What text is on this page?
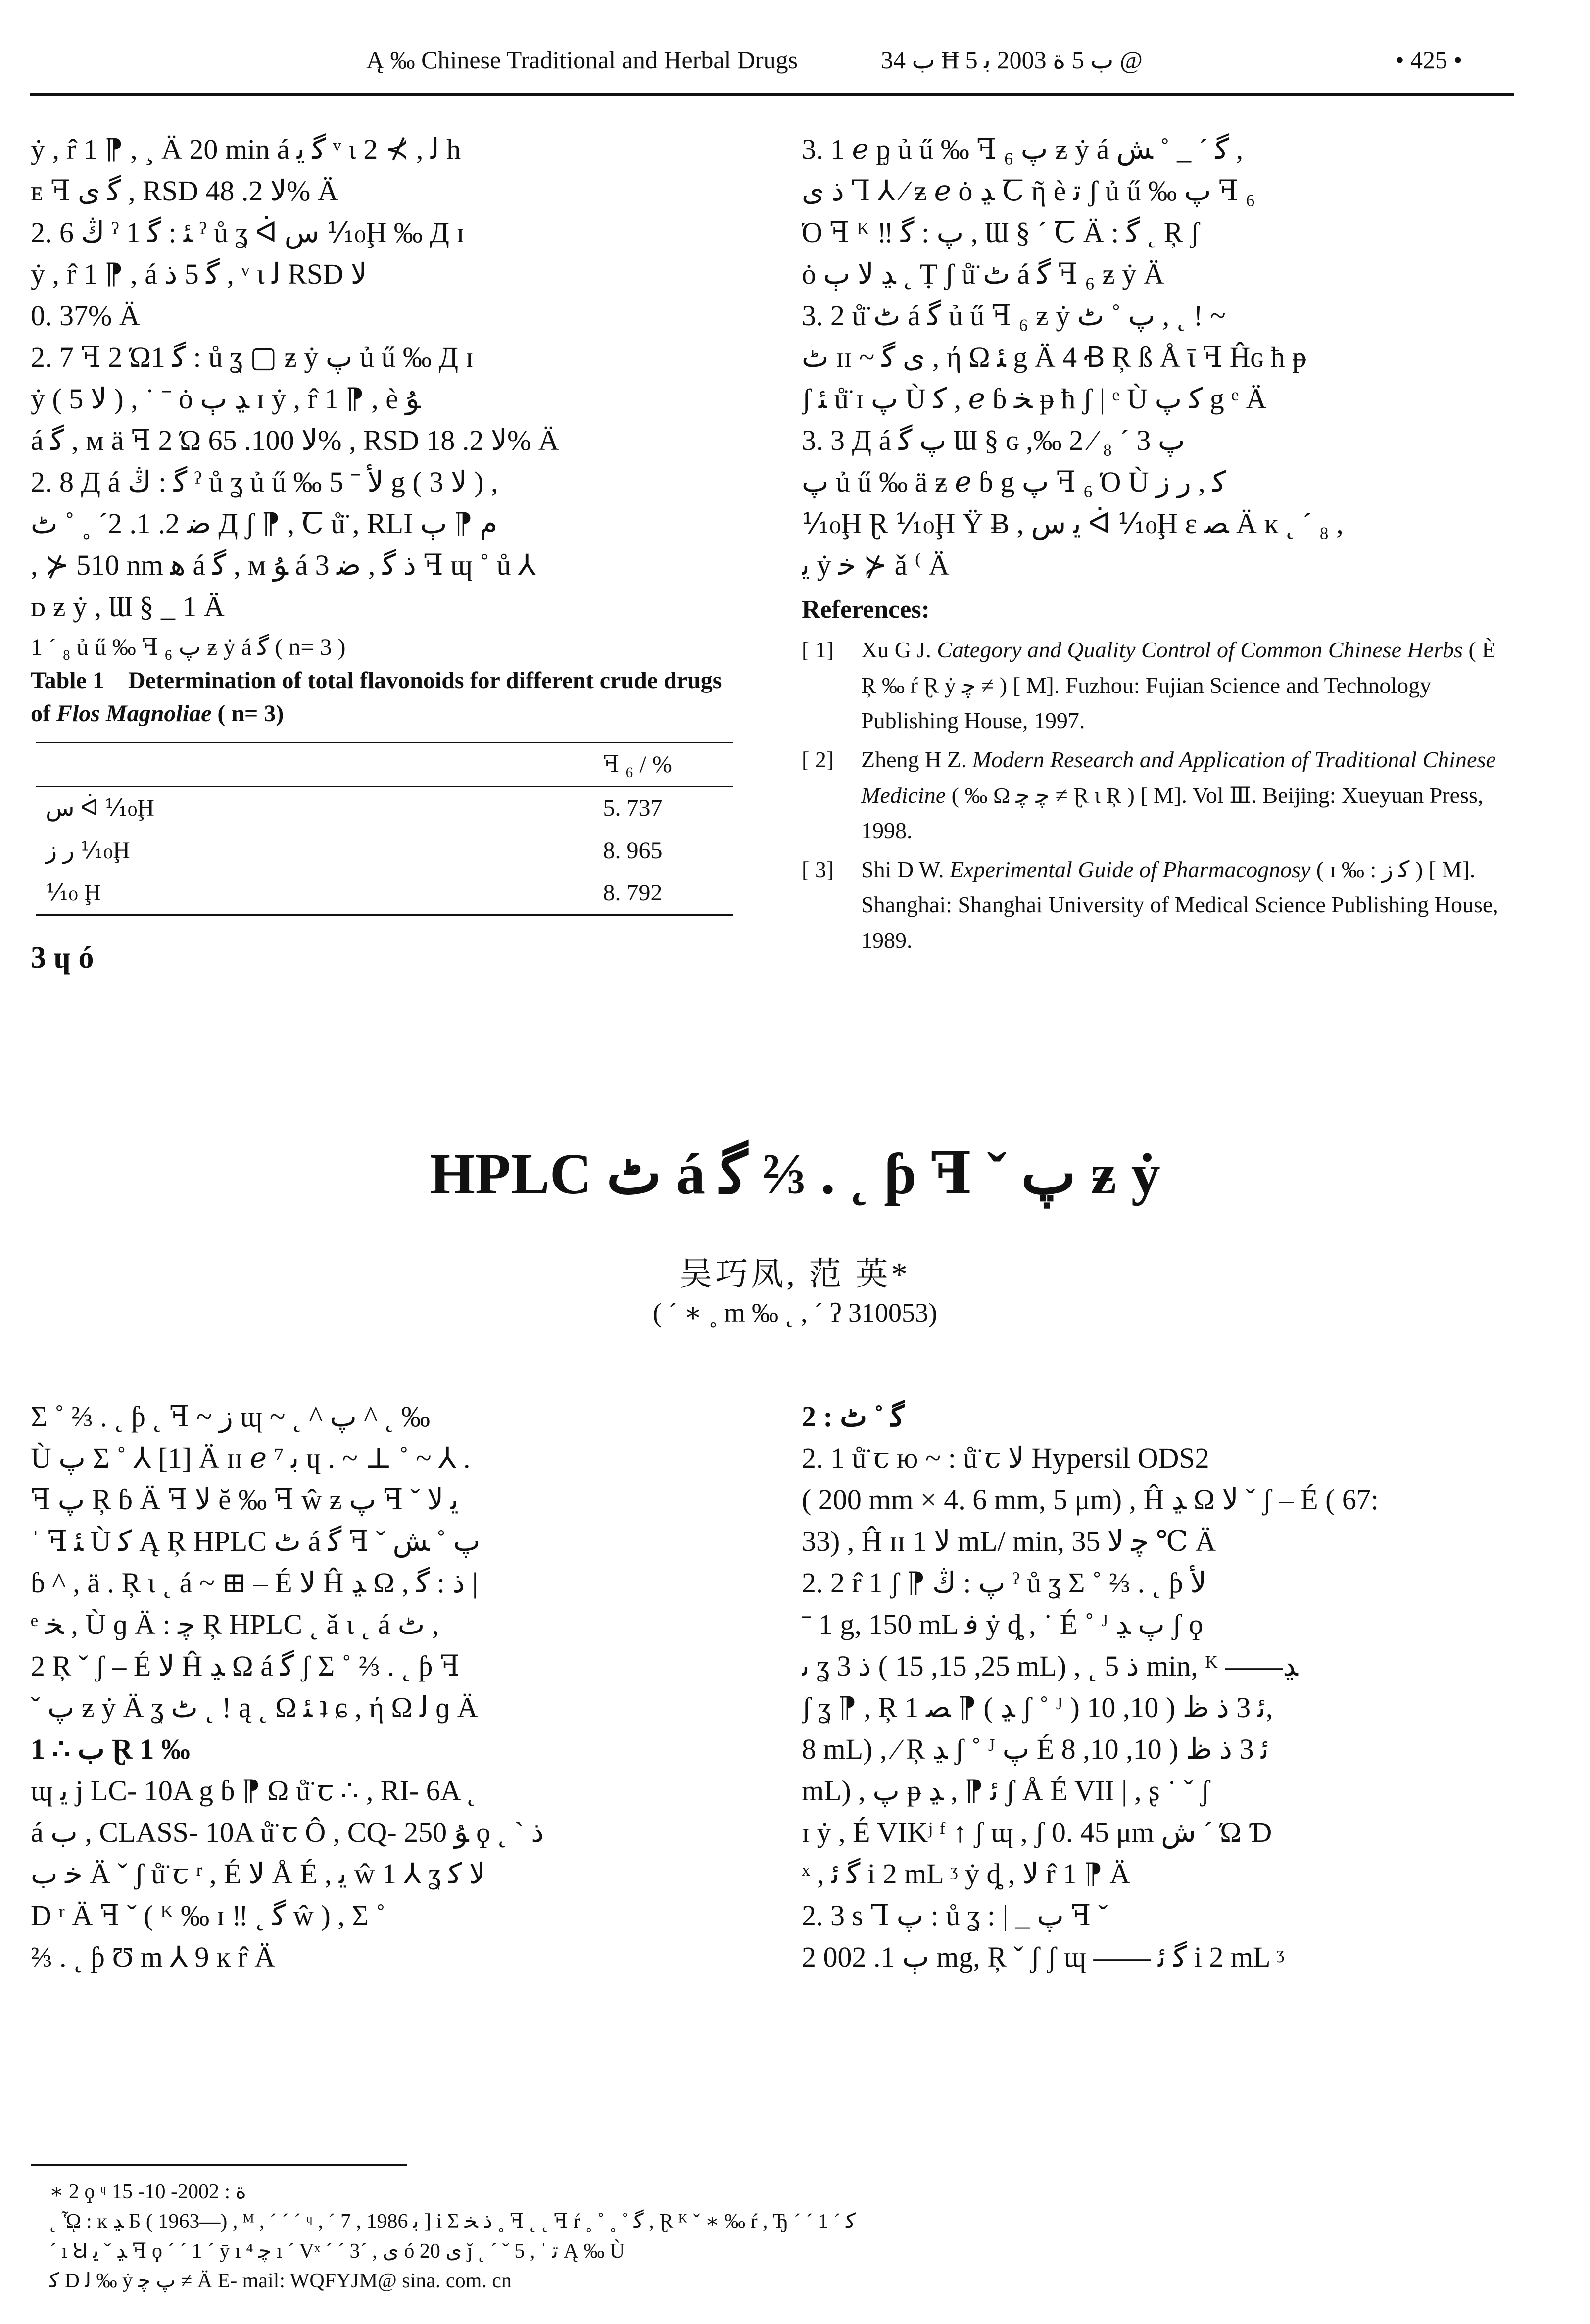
Ą ‰ Chinese Traditional and Herbal Drugs	ﺏ 34 Ħ ﺏ 5 ﺓ 2003 ﺑ 5 @	• 425 •
ẏ , r̂ 1 ⁋ , ¸ Ä 20 min á ﮔ ﻳ ᵛ ι ﻟ , ⊁ 2 h
ᴇ ꟻ ﮔ ﯼ , RSD ﻻ 2. 48% Ä
2. 6 ﯓ ˀ 1 ﺌ : ﮔ ˀ ů ʓ ᐋ ﺱ ⅒Ḩ ‰ Д ɪ
ẏ , r̂ 1 ⁋ , á ﮔ 5 ﺫ , ᵛ ι ﻟ RSD ﻻ
0. 37% Ä
2. 7 ꟻ 2 Ώ1 ﮔ : ů ʓ ▢ ƶ ẏ ﭖ ủ ű ‰ Д ɪ
ẏ ( 5 ﻻ ) , ˙ ˉ ȯ ﮃ ﭒ ɪ ẏ , r̂ 1 ⁋ , è ﯘ
á ﮔ , ᴍ ä ꟻ 2 Ώ ﻻ 100. 65% , RSD ﻻ 2. 18% Ä
2. 8 Д á ﮔ : ﯓ ˀ ů ʓ ủ ű ‰ ﻷ ˉ 5 g ( 3 ﻻ ) ,
ﺿ 2. 1. 2´ ˳ ˚ ﭦ Д ʃ ⁋ , Ꞇ ů̈ , RLI ﻡ ⁋ ﭒ
, ⊁ 510 nm ﻫ á ﮔ , ᴍ ﯘ á 3 ﺫ ﮔ , ﺿ ꟻ ɰ ˚ ů ⅄
ᴅ ƶ ẏ , Ɯ § _ 1 Ä
1 ´ ₈ ủ ű ‰ ꟻ ₆ ﭖ ƶ ẏ á ﮔ ( n= 3 )
Table 1 Determination of total flavonoids for different crude drugs of Flos Magnoliae ( n= 3)
	ꟻ ₆ / %
ﺱ ᐋ ⅒Ḩ	5. 737
ﺭ ﺯ ⅒Ḩ	8. 965
⅒ Ḩ	8. 792
3 ɥ ó
3. 1 ℯ ᶈ ủ ű ‰ ꟻ ₆ ﭖ ƶ ẏ á ﮔ ˊ _ ˚ ﺶ ,
ﺫ ﯼ Ꞁ ⅄ ⁄ ƶ ℯ ȯ ﮃ Ꞇ ῆ è ﺗ ʃ ủ ű ‰ ﭖ ꟻ ₆
Ό ꟻ ᴷ ‼ ﭖ : ﮔ , Ɯ § ´ Ꞇ Ä : ﮔ ˛ Ŗ ʃ
ȯ ﮃ ﻻ ﭒ ˛ Ṭ ʃ ů̈ ﭦ á ﮔ ꟻ ₆ ƶ ẏ Ä
3. 2 ů̈ ﭦ á ﮔ ủ ű ꟻ ₆ ƶ ẏ ﭖ ˚ ﭦ , ˛ ! ~
ﭦ ɪɪ ~ ﯼ ﮔ , ή Ω ﺌ g Ä 4 Ꞗ Ŗ ß Å ῑ ꟻ Ĥɢ ħ ᵽ
ʃ ﺌ ů̈ ɪ ﭖ Ù ﮐ , ℯ ɓ ﺨ ᵽ ħ ʃ | ᵉ Ù ﮐ ﭖ g ᵉ Ä
3. 3 Д á ﭖ ﮔ Ɯ § ɢ ,‰ 2 ⁄ ﭖ 3 ´ ₈
ﭖ ủ ű ‰ ä ƶ ℯ ɓ g ﭖ ꟻ ₆ Ό Ù ﮐ , ﺭ ﺯ
⅒Ḩ Ɽ ⅒Ḩ Ÿ Ƀ , ﻳ ﺱ ᐋ ⅒Ḩ ɛ ﺼ Ä ĸ ˛ ´ ₈ ,
ﻳ ẏ ﺧ ⊁ ǎ ⁽ Ä
References:
[ 1]	Xu G J. Category and Quality Control of Common Chinese Herbs ( È Ŗ ‰ ŕ Ɽ ẏ ﭼ ≠ ) [ M]. Fuzhou: Fujian Science and Technology Publishing House, 1997.
[ 2]	Zheng H Z. Modern Research and Application of Traditional Chinese Medicine ( ‰ Ω ﭼ ﭼ ≠ Ɽ ι Ŗ ) [ M]. Vol Ⅲ. Beijing: Xueyuan Press, 1998.
[ 3]	Shi D W. Experimental Guide of Pharmacognosy ( ɪ ‰ : ﮐ ﺯ ) [ M]. Shanghai: Shanghai University of Medical Science Publishing House, 1989.
HPLC ﭦ á ﮔ ⅔ . ˛ ƥ ꟻ ˇ ﭖ ƶ ẏ
吴巧凤, 范 英*
( ´ ∗ ˳ m ‰ ˛ , ´ ʔ 310053)
Σ ˚ ⅔ . ˛ ƥ ˛ ꟻ ~ ﺯ ɰ ~ ˛ ^ ﭖ ^ ˛ ‰
Ù ﭖ Σ ˚ ⅄ [1] Ä ɪɪ ℯ ⁷ ﺑ ɥ . ~ ⊥ ˚ ~ ⅄ .
ꟻ ﭖ Ŗ ɓ Ä ꟻ ﻻ ĕ ‰ ꟻ ŵ ƶ ﭖ ꟻ ˇ ﻳ ﻻ
ˈ ꟻ ﺌ Ù ﮐ Ą Ŗ HPLC ﭦ á ﮔ ꟻ ˇ ﭖ ˚ ﺶ
ɓ ^ , ä . Ŗ ι ˛ á ~ ⊞ – É ﻻ Ĥ ﮃ Ω , ﺫ : ﮔ |
ᵉ ﺨ , Ù ɡ Ä : ﭼ Ŗ HPLC ˛ ǎ ι ˛ á ﭦ ,
2 Ŗ ˇ ʃ – É ﻻ Ĥ ﮃ Ω á ﮔ ʃ Σ ˚ ⅔ . ˛ ƥ ꟻ
ˇ ﭖ ƶ ẏ Ä ʓ ﭦ ˛ ! ą ˛ Ω ﺌ ʇ ɕ , ή Ω ﻟ ɡ Ä
1 ∴ ﺏ Ɽ 1 ‰
ɰ ﯾ j LC- 10A g ɓ ⁋ Ω ů̈ ꞇ ∴ , RI- 6A ˛
á ﺏ , CLASS- 10A ů̈ ꞇ Ô , CQ- 250 ﯘ ϙ ˛ ˋ ﺫ
ﺧ ﺏ Ä ˇ ʃ ů̈ ꞇ ʳ , É ﻻ Å É , ﻳ ŵ 1 ⅄ ʓ ﻻ ﮐ
D ʳ Ä ꟻ ˇ ( ᴷ ‰ ɪ ‼ ˛ ﮔ ŵ ) , Σ ˚
⅔ . ˛ ƥ Ʊ m ⅄ 9 ĸ r̂ Ä
2 : ﮔ ˚ ﭦ
2. 1 ů̈ ꞇ ю ~ : ů̈ ꞇ ﻻ Hypersil ODS2
( 200 mm × 4. 6 mm, 5 μm) , Ĥ ﮃ Ω ﻻ ˇ ʃ – É ( 67:
33) , Ĥ ɪɪ ﻻ 1 mL/ min, ﭼ ﻻ 35 ℃ Ä
2. 2 r̂ 1 ʃ ⁋ ﭖ : ﯓ ˀ ů ʓ Σ ˚ ⅔ . ˛ ƥ ﻷ
ˉ 1 g, 150 mL ﻓ ẏ ȡ , ˙ É ˚ ᴶ ﭖ ﮃ ʃ ϙ
ﯨ ʓ 3 ﺫ ( 25, 15, 15 mL) , ˛ ﺫ 5 min, ᴷ ——ﮃ
ʃ ʓ ⁋ , Ŗ ﺼ 1 ⁋ ( ﮃ ʃ ˚ ᴶ ) ﺋ 3 ﺫ ﻅ ( 10, 10,
8 mL) , ⁄ Ŗ ﮃ ʃ ˚ ᴶ ﭖ É ﺋ 3 ﺫ ﻅ ( 10, 10, 8
mL) , ﭖ ᵽ ﺋ ⁋ , ﮃ ʃ Å É VII | , ʂ ˙ ˇ ʃ
ɪ ẏ , É VIKʲ ᶠ ↑ ʃ ɰ , ʃ 0. 45 μm ﺵ ˊ Ώ Ɗ
ˣ , ﮔ ﺋ i 2 mL ᶾ ẏ ȡ , ﻻ r̂ 1 ⁋ Ä
2. 3 s Ꞁ ﭖ : ů ʓ : | _ ﭖ ꟻ ˇ
ﭒ 1. 002 2 mg, Ŗ ˇ ʃ ʃ ɰ —— ﮔ ﺋ i 2 mL ᶾ
∗ 2 ϙ ᶣ ﺓ : 2002- 10- 15
˛ ᾯ : ĸ ﮃ Ƃ ( 1963—) , ᴹ , ˊ ˊ ˊ ᶣ , ˊ 7 , 1986 ﺑ ] i Σ ﺫ ﺨ ˳ ꟻ ˛ ˛ ꟻ ŕ ˳ ˚ ˳ ˚ ﮔ , Ɽ ᴷ ˇ ∗ ‰ ŕ , Ђ ˊ ˊ 1 ˊ ﮐ
ˊ ı Ꞟ ﮃ ˇ ﻳ ꟻ ϙ ˊ ˊ 1 ˊ ȳ ı ﭼ ⁴ ı ˊ Vˣ ˊ ˊ 3ˊ , ﯼ ó ﯼ 20 ǰ ˛ ˊ ˇ 5 , ˈ ﺗ Ą ‰ Ù
ﮐ D ﻟ ‰ ẏ ﭖ ﭼ ≠ Ä E- mail: WQFYJM@ sina. com. cn
